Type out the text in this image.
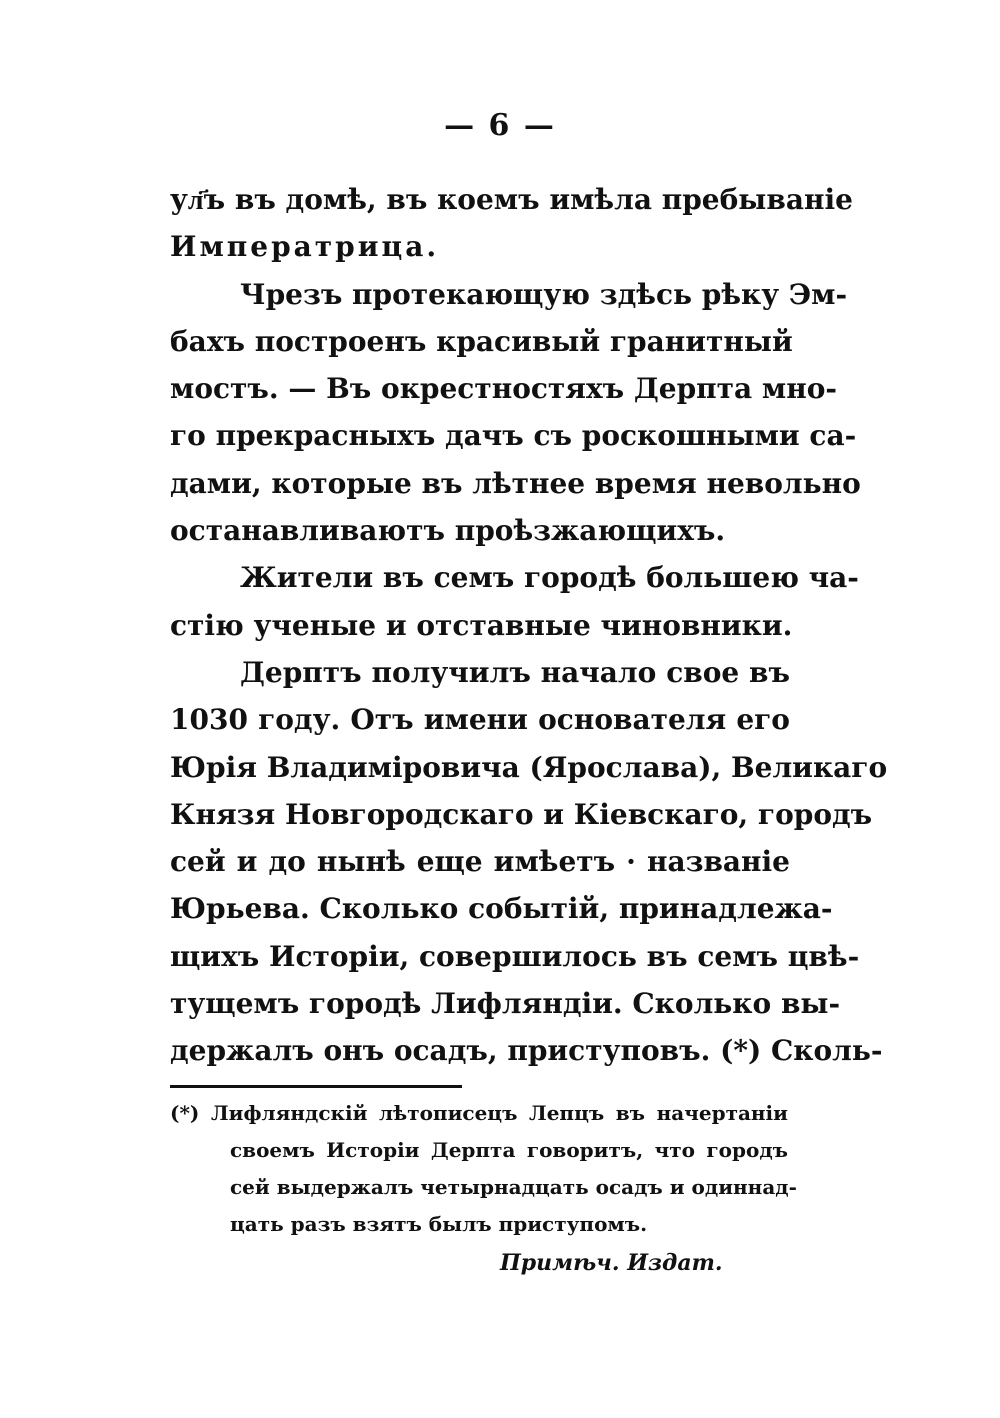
— 6 —
ул҃ъ въ домѣ, въ коемъ имѣла пребываніе
Императрица.
Чрезъ протекающую здѣсь рѣку Эм-
бахъ построенъ красивый гранитный
мостъ. — Въ окрестностяхъ Дерпта мно-
го прекрасныхъ дачъ съ роскошными са-
дами, которые въ лѣтнее время невольно
останавливаютъ проѣзжающихъ.
Жители въ семъ городѣ большею ча-
стію ученые и отставные чиновники.
Дерптъ получилъ начало свое въ
1030 году. Отъ имени основателя его
Юрія Владиміровича (Ярослава), Великаго
Князя Новгородскаго и Кіевскаго, городъ
сей и до нынѣ еще имѣетъ · названіе
Юрьева. Сколько событій, принадлежа-
щихъ Исторіи, совершилось въ семъ цвѣ-
тущемъ городѣ Лифляндіи. Сколько вы-
держалъ онъ осадъ, приступовъ. (*) Сколь-
(*) Лифляндскій лѣтописецъ Лепцъ въ начертаніи
своемъ Исторіи Дерпта говоритъ, что городъ
сей выдержалъ четырнадцать осадъ и одиннад-
цать разъ взятъ былъ приступомъ.
Примѣч. Издат.
